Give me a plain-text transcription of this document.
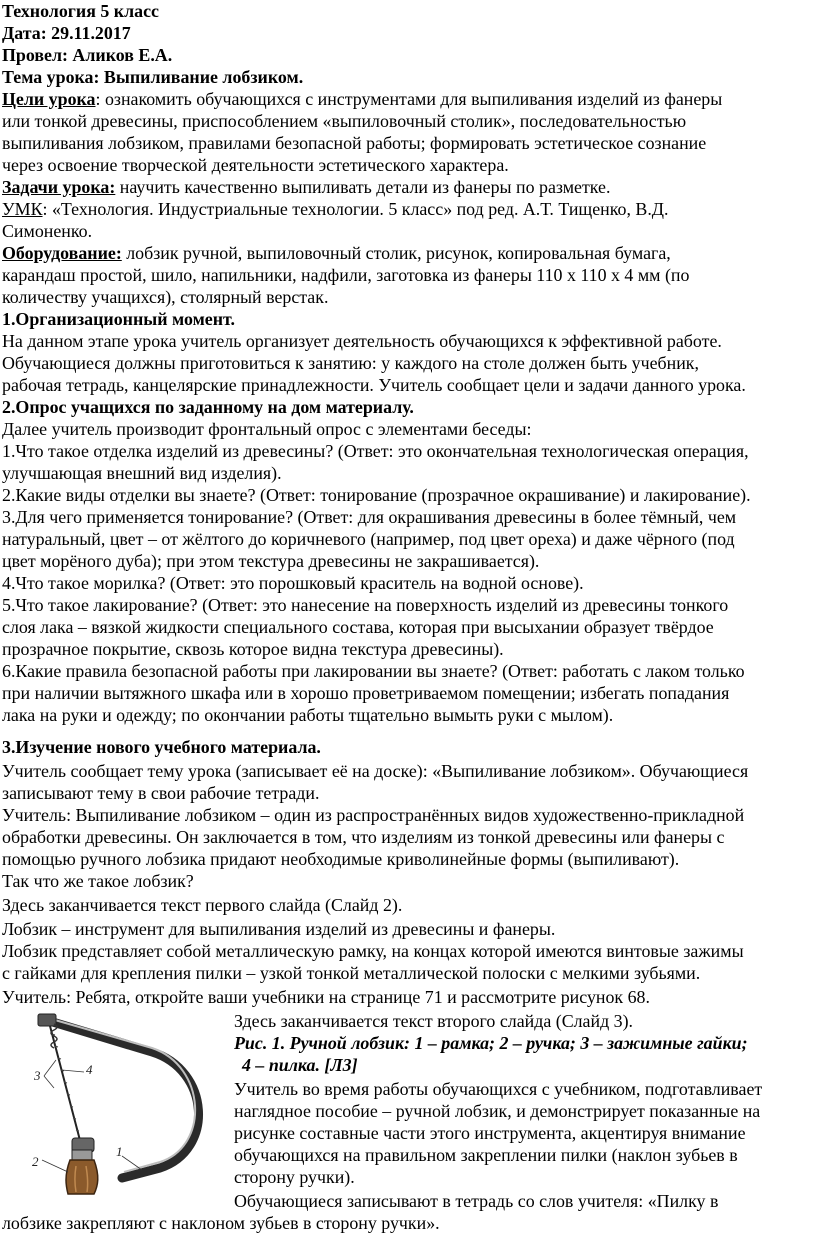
Технология 5 класс
Дата: 29.11.2017
Провел: Аликов Е.А.
Тема урока: Выпиливание лобзиком.
Цели урока: ознакомить обучающихся с инструментами для выпиливания изделий из фанеры
или тонкой древесины, приспособлением «выпиловочный столик», последовательностью
выпиливания лобзиком, правилами безопасной работы; формировать эстетическое сознание
через освоение творческой деятельности эстетического характера.
Задачи урока: научить качественно выпиливать детали из фанеры по разметке.
УМК: «Технология. Индустриальные технологии. 5 класс» под ред. А.Т. Тищенко, В.Д.
Симоненко.
Оборудование: лобзик ручной, выпиловочный столик, рисунок, копировальная бумага,
карандаш простой, шило, напильники, надфили, заготовка из фанеры 110 х 110 х 4 мм (по
количеству учащихся), столярный верстак.
1.Организационный момент.
На данном этапе урока учитель организует деятельность обучающихся к эффективной работе.
Обучающиеся должны приготовиться к занятию: у каждого на столе должен быть учебник,
рабочая тетрадь, канцелярские принадлежности. Учитель сообщает цели и задачи данного урока.
2.Опрос учащихся по заданному на дом материалу.
Далее учитель производит фронтальный опрос с элементами беседы:
1.Что такое отделка изделий из древесины? (Ответ: это окончательная технологическая операция,
улучшающая внешний вид изделия).
2.Какие виды отделки вы знаете? (Ответ: тонирование (прозрачное окрашивание) и лакирование).
3.Для чего применяется тонирование? (Ответ: для окрашивания древесины в более тёмный, чем
натуральный, цвет – от жёлтого до коричневого (например, под цвет ореха) и даже чёрного (под
цвет морёного дуба); при этом текстура древесины не закрашивается).
4.Что такое морилка? (Ответ: это порошковый краситель на водной основе).
5.Что такое лакирование? (Ответ: это нанесение на поверхность изделий из древесины тонкого
слоя лака – вязкой жидкости специального состава, которая при высыхании образует твёрдое
прозрачное покрытие, сквозь которое видна текстура древесины).
6.Какие правила безопасной работы при лакировании вы знаете? (Ответ: работать с лаком только
при наличии вытяжного шкафа или в хорошо проветриваемом помещении; избегать попадания
лака на руки и одежду; по окончании работы тщательно вымыть руки с мылом).
3.Изучение нового учебного материала.
Учитель сообщает тему урока (записывает её на доске): «Выпиливание лобзиком». Обучающиеся
записывают тему в свои рабочие тетради.
Учитель: Выпиливание лобзиком – один из распространённых видов художественно-прикладной
обработки древесины. Он заключается в том, что изделиям из тонкой древесины или фанеры с
помощью ручного лобзика придают необходимые криволинейные формы (выпиливают).
Так что же такое лобзик?
Здесь заканчивается текст первого слайда (Слайд 2).
Лобзик – инструмент для выпиливания изделий из древесины и фанеры.
Лобзик представляет собой металлическую рамку, на концах которой имеются винтовые зажимы
с гайками для крепления пилки – узкой тонкой металлической полоски с мелкими зубьями.
Учитель: Ребята, откройте ваши учебники на странице 71 и рассмотрите рисунок 68.
3	4
2
1
Здесь заканчивается текст второго слайда (Слайд 3).
Рис. 1. Ручной лобзик: 1 – рамка; 2 – ручка; 3 – зажимные гайки;
4 – пилка. [Л3]
Учитель во время работы обучающихся с учебником, подготавливает
наглядное пособие – ручной лобзик, и демонстрирует показанные на
рисунке составные части этого инструмента, акцентируя внимание
обучающихся на правильном закреплении пилки (наклон зубьев в
сторону ручки).
Обучающиеся записывают в тетрадь со слов учителя: «Пилку в
лобзике закрепляют с наклоном зубьев в сторону ручки».
